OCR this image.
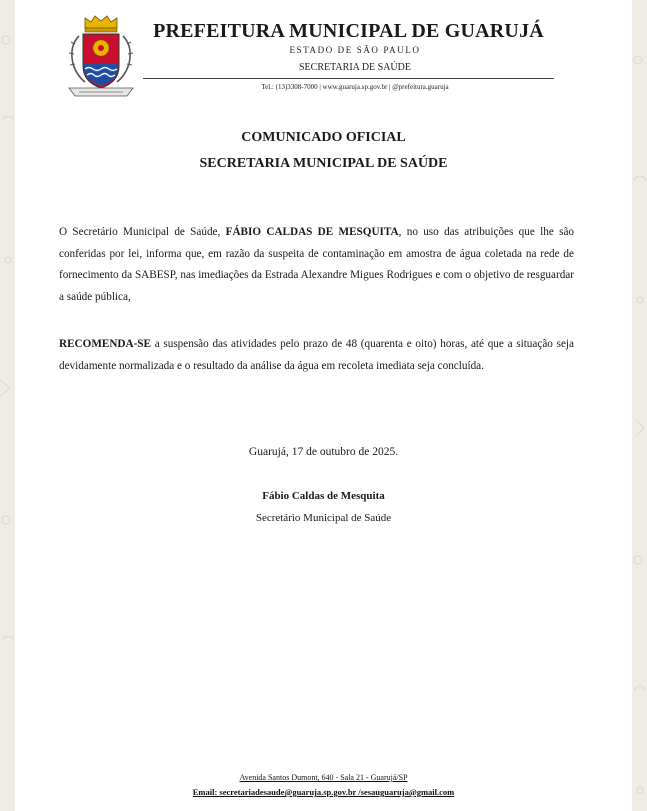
PREFEITURA MUNICIPAL DE GUARUJÁ
ESTADO DE SÃO PAULO
SECRETARIA DE SAÚDE
Tel.: (13)3308-7000 | www.guaruja.sp.gov.br | @prefeitura.guaruja
COMUNICADO OFICIAL
SECRETARIA MUNICIPAL DE SAÚDE
O Secretário Municipal de Saúde, FÁBIO CALDAS DE MESQUITA, no uso das atribuições que lhe são conferidas por lei, informa que, em razão da suspeita de contaminação em amostra de água coletada na rede de fornecimento da SABESP, nas imediações da Estrada Alexandre Migues Rodrigues e com o objetivo de resguardar a saúde pública,
RECOMENDA-SE a suspensão das atividades pelo prazo de 48 (quarenta e oito) horas, até que a situação seja devidamente normalizada e o resultado da análise da água em recoleta imediata seja concluída.
Guarujá, 17 de outubro de 2025.
Fábio Caldas de Mesquita
Secretário Municipal de Saúde
Avenida Santos Dumont, 640 - Sala 21 - Guarujá/SP
Email: secretariadesaude@guaruja.sp.gov.br /sesauguaruja@gmail.com
